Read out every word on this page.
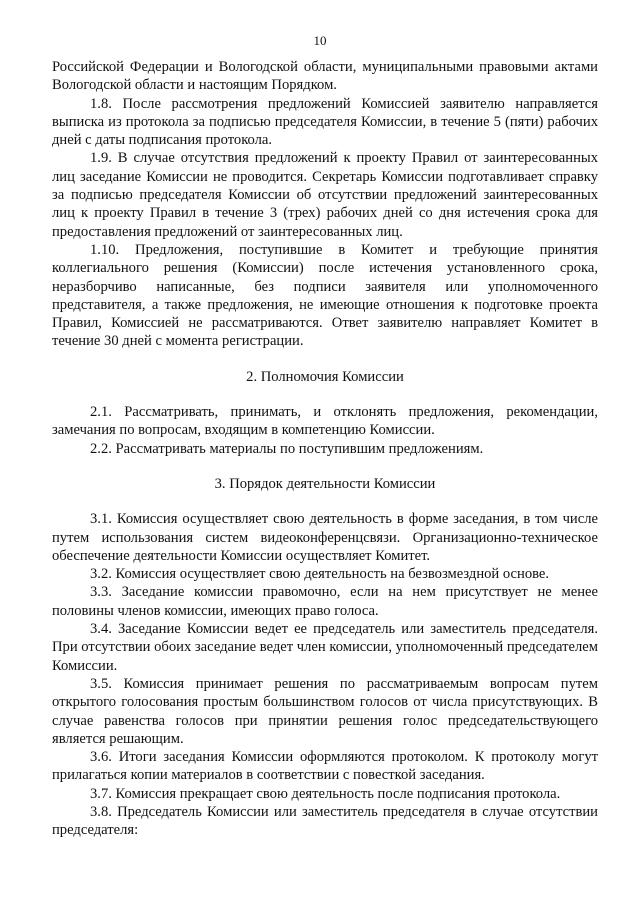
10

Российской Федерации и Вологодской области, муниципальными правовыми актами Вологодской области и настоящим Порядком.

1.8. После рассмотрения предложений Комиссией заявителю направляется выписка из протокола за подписью председателя Комиссии, в течение 5 (пяти) рабочих дней с даты подписания протокола.

1.9. В случае отсутствия предложений к проекту Правил от заинтересованных лиц заседание Комиссии не проводится. Секретарь Комиссии подготавливает справку за подписью председателя Комиссии об отсутствии предложений заинтересованных лиц к проекту Правил в течение 3 (трех) рабочих дней со дня истечения срока для предоставления предложений от заинтересованных лиц.

1.10. Предложения, поступившие в Комитет и требующие принятия коллегиального решения (Комиссии) после истечения установленного срока, неразборчиво написанные, без подписи заявителя или уполномоченного представителя, а также предложения, не имеющие отношения к подготовке проекта Правил, Комиссией не рассматриваются. Ответ заявителю направляет Комитет в течение 30 дней с момента регистрации.

2. Полномочия Комиссии

2.1. Рассматривать, принимать, и отклонять предложения, рекомендации, замечания по вопросам, входящим в компетенцию Комиссии.

2.2. Рассматривать материалы по поступившим предложениям.

3. Порядок деятельности Комиссии

3.1. Комиссия осуществляет свою деятельность в форме заседания, в том числе путем использования систем видеоконференцсвязи. Организационно-техническое обеспечение деятельности Комиссии осуществляет Комитет.

3.2. Комиссия осуществляет свою деятельность на безвозмездной основе.

3.3. Заседание комиссии правомочно, если на нем присутствует не менее половины членов комиссии, имеющих право голоса.

3.4. Заседание Комиссии ведет ее председатель или заместитель председателя. При отсутствии обоих заседание ведет член комиссии, уполномоченный председателем Комиссии.

3.5. Комиссия принимает решения по рассматриваемым вопросам путем открытого голосования простым большинством голосов от числа присутствующих. В случае равенства голосов при принятии решения голос председательствующего является решающим.

3.6. Итоги заседания Комиссии оформляются протоколом. К протоколу могут прилагаться копии материалов в соответствии с повесткой заседания.

3.7. Комиссия прекращает свою деятельность после подписания протокола.

3.8. Председатель Комиссии или заместитель председателя в случае отсутствии председателя:
